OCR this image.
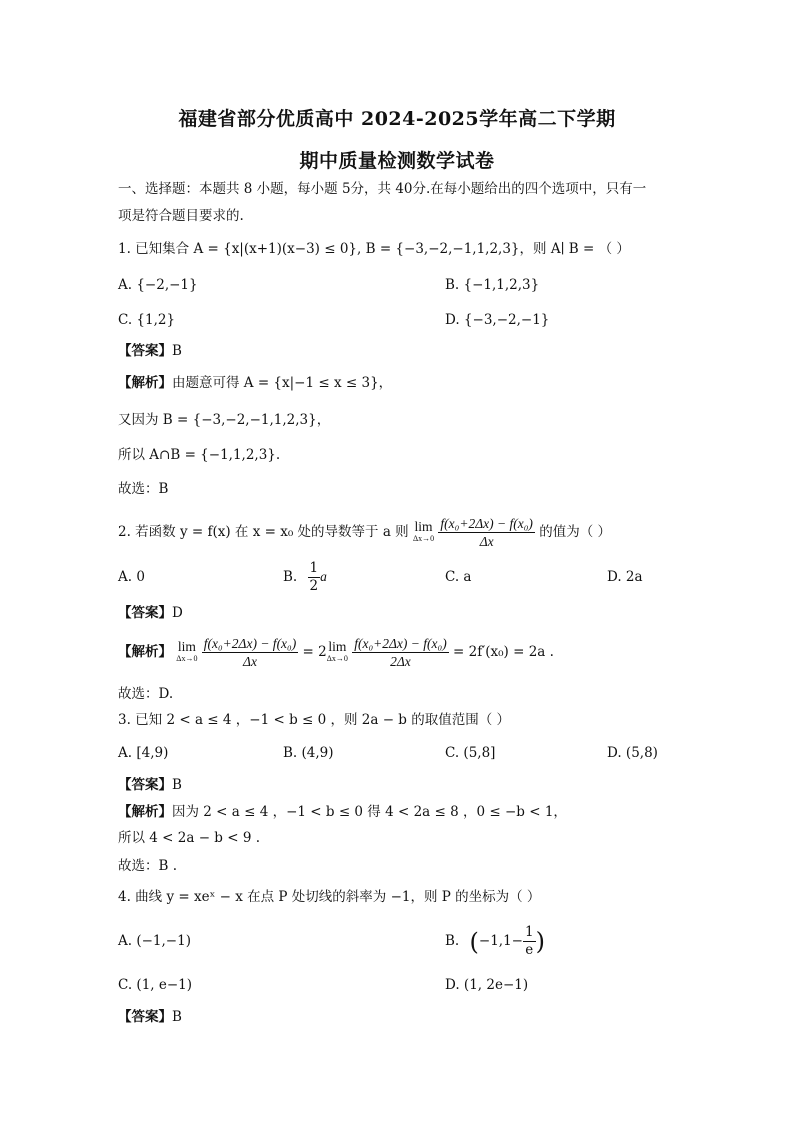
福建省部分优质高中 2024-2025学年高二下学期
期中质量检测数学试卷
一、选择题：本题共 8 小题，每小题 5分，共 40分.在每小题给出的四个选项中，只有一
项是符合题目要求的.
1. 已知集合 A = {x|(x+1)(x−3) ≤ 0}, B = {−3,−2,−1,1,2,3}，则 A∣ B = （ ）
A. {−2,−1}	B. {−1,1,2,3}
C. {1,2}	D. {−3,−2,−1}
【答案】B
【解析】由题意可得 A = {x|−1 ≤ x ≤ 3}，
又因为 B = {−3,−2,−1,1,2,3}，
所以 A∩B = {−1,1,2,3}.
故选：B
2. 若函数 y = f(x) 在 x = x₀ 处的导数等于 a 则 lim
Δx→0
$\frac{\text{f(x₀+2Δx) − f(x₀)}}{\Delta x}$ 的值为（ ）
A. 0	B. $\frac{1}{2}$ a	C. a	D. 2a
【答案】D
【解析】 lim
Δx→0
$\frac{\text{f(x₀+2Δx) − f(x₀)}}{\Delta x} = 2$ lim
Δx→0
$\frac{\text{f(x₀+2Δx) − f(x₀)}}{2\Delta x} = 2f'(x_0) = 2a$ .
故选：D.
3. 已知 2 < a ≤ 4 ，−1 < b ≤ 0 ，则 2a − b 的取值范围（ ）
A. [4,9)	B. (4,9)	C. (5,8]	D. (5,8)
【答案】B
【解析】因为 2 < a ≤ 4 ，−1 < b ≤ 0 得 4 < 2a ≤ 8 ，0 ≤ −b < 1，
所以 4 < 2a − b < 9 .
故选：B .
4. 曲线 y = xeˣ − x 在点 P 处切线的斜率为 −1，则 P 的坐标为（ ）
A. (−1,−1)	B. ($-1,1- \frac{1}{e}$ )
C. (1, e−1)	D. (1, 2e−1)
【答案】B
